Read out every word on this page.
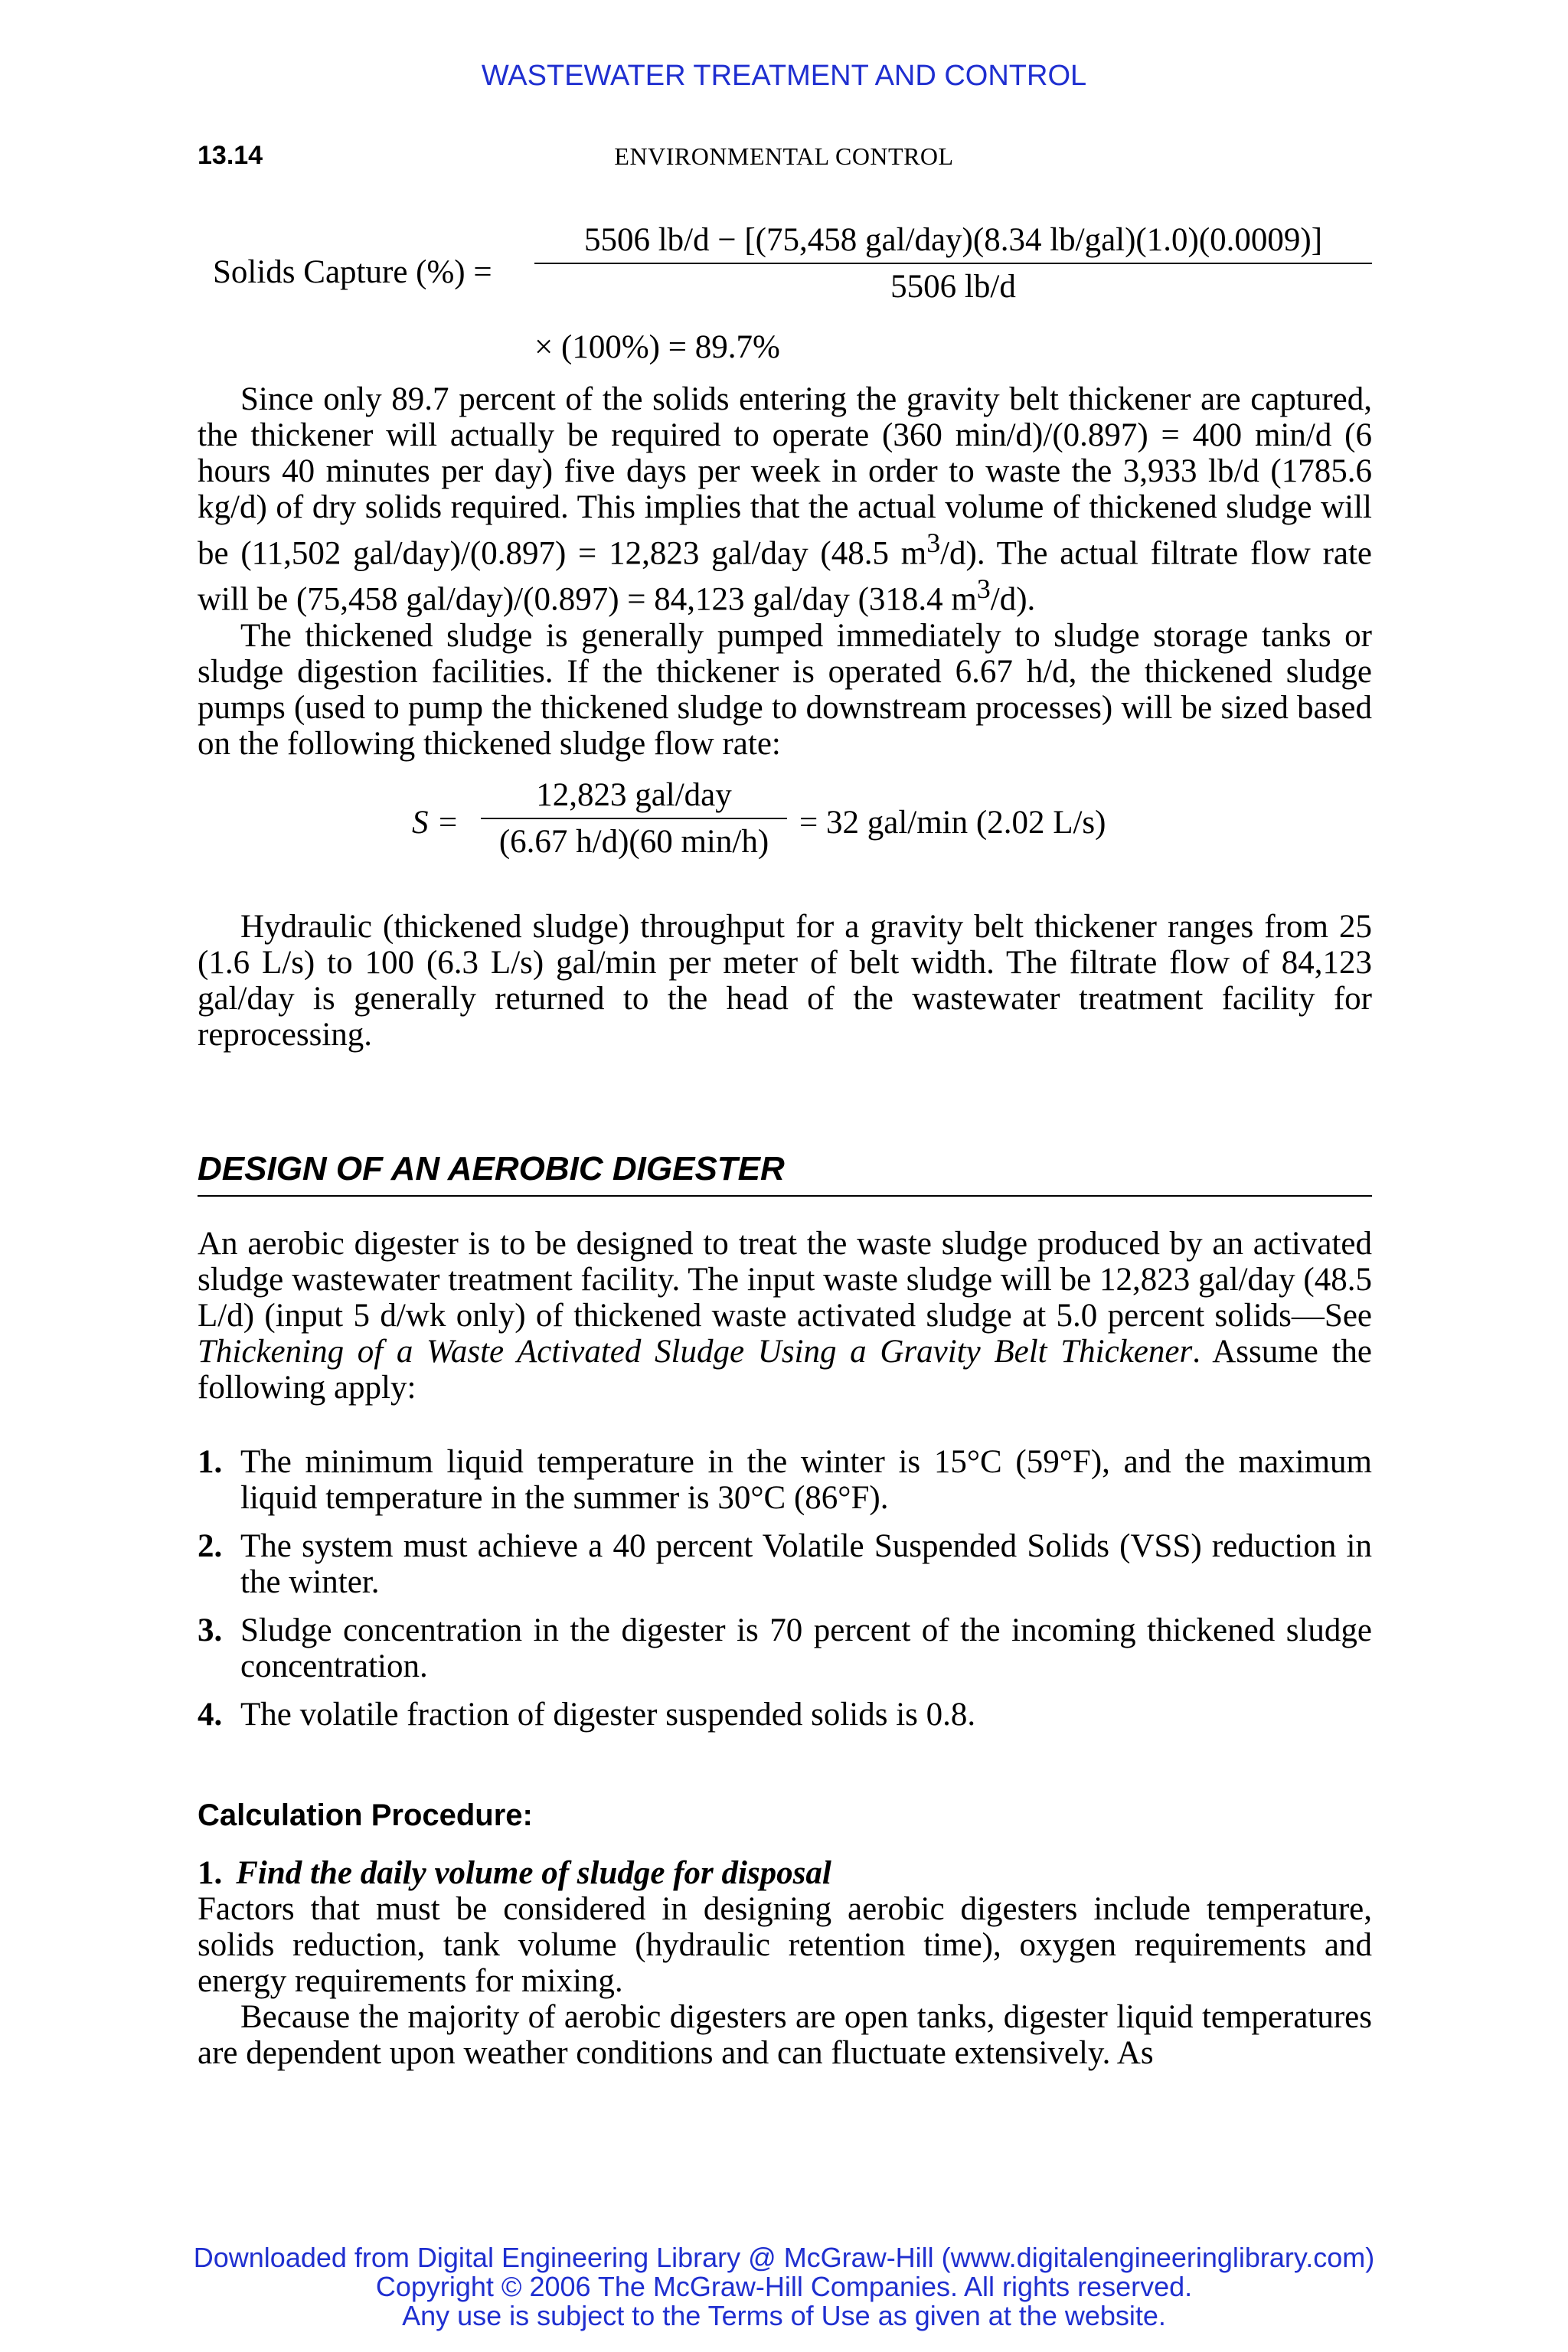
WASTEWATER TREATMENT AND CONTROL
13.14	ENVIRONMENTAL CONTROL
Solids Capture (%) =
5506 lb/d − [(75,458 gal/day)(8.34 lb/gal)(1.0)(0.0009)]
5506 lb/d
× (100%) = 89.7%

Since only 89.7 percent of the solids entering the gravity belt thickener are captured, the thickener will actually be required to operate (360 min/d)/(0.897) = 400 min/d (6 hours 40 minutes per day) five days per week in order to waste the 3,933 lb/d (1785.6 kg/d) of dry solids required. This implies that the actual volume of thickened sludge will be (11,502 gal/day)/(0.897) = 12,823 gal/day (48.5 $m^3/d$). The actual filtrate flow rate will be (75,458 gal/day)/(0.897) = 84,123 gal/day (318.4 $m^3/d$).

The thickened sludge is generally pumped immediately to sludge storage tanks or sludge digestion facilities. If the thickener is operated 6.67 h/d, the thickened sludge pumps (used to pump the thickened sludge to downstream processes) will be sized based on the following thickened sludge flow rate:

S =
12,823 gal/day
(6.67 h/d)(60 min/h)
= 32 gal/min (2.02 L/s)

Hydraulic (thickened sludge) throughput for a gravity belt thickener ranges from 25 (1.6 L/s) to 100 (6.3 L/s) gal/min per meter of belt width. The filtrate flow of 84,123 gal/day is generally returned to the head of the wastewater treatment facility for reprocessing.

DESIGN OF AN AEROBIC DIGESTER

An aerobic digester is to be designed to treat the waste sludge produced by an activated sludge wastewater treatment facility. The input waste sludge will be 12,823 gal/day (48.5 L/d) (input 5 d/wk only) of thickened waste activated sludge at 5.0 percent solids—See Thickening of a Waste Activated Sludge Using a Gravity Belt Thickener. Assume the following apply:

1. The minimum liquid temperature in the winter is 15°C (59°F), and the maximum liquid temperature in the summer is 30°C (86°F).
2. The system must achieve a 40 percent Volatile Suspended Solids (VSS) reduction in the winter.
3. Sludge concentration in the digester is 70 percent of the incoming thickened sludge concentration.
4. The volatile fraction of digester suspended solids is 0.8.
Calculation Procedure:
1. Find the daily volume of sludge for disposal

Factors that must be considered in designing aerobic digesters include temperature, solids reduction, tank volume (hydraulic retention time), oxygen requirements and energy requirements for mixing.

Because the majority of aerobic digesters are open tanks, digester liquid temperatures are dependent upon weather conditions and can fluctuate extensively. As

Downloaded from Digital Engineering Library @ McGraw-Hill (www.digitalengineeringlibrary.com)
Copyright © 2006 The McGraw-Hill Companies. All rights reserved.
Any use is subject to the Terms of Use as given at the website.
